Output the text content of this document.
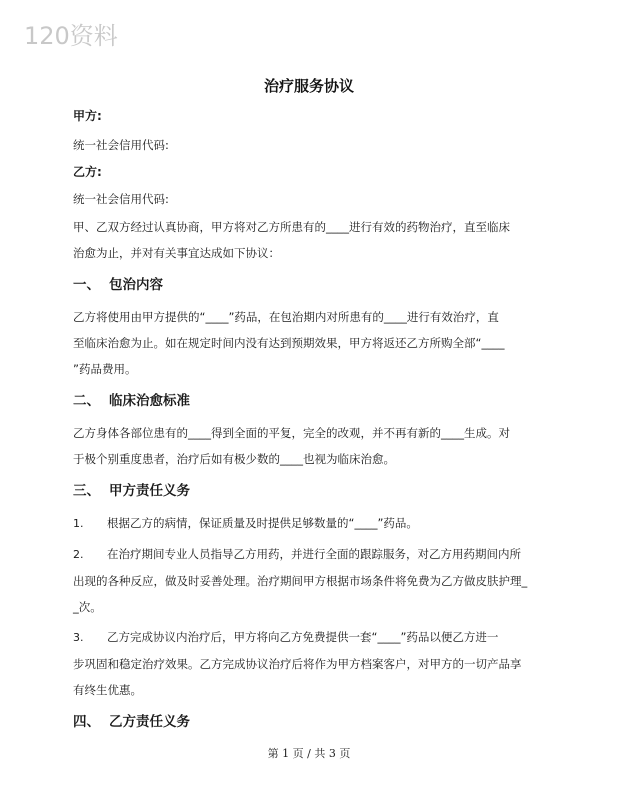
120资料
治疗服务协议
甲方:
统一社会信用代码:
乙方:
统一社会信用代码:
甲、乙双方经过认真协商，甲方将对乙方所患有的____进行有效的药物治疗，直至临床
治愈为止，并对有关事宜达成如下协议：
一、 包治内容
乙方将使用由甲方提供的“____”药品，在包治期内对所患有的____进行有效治疗，直
至临床治愈为止。如在规定时间内没有达到预期效果，甲方将返还乙方所购全部“____
”药品费用。
二、 临床治愈标准
乙方身体各部位患有的____得到全面的平复，完全的改观，并不再有新的____生成。对
于极个别重度患者，治疗后如有极少数的____也视为临床治愈。
三、 甲方责任义务
1. 根据乙方的病情，保证质量及时提供足够数量的“____”药品。
2. 在治疗期间专业人员指导乙方用药，并进行全面的跟踪服务，对乙方用药期间内所
出现的各种反应，做及时妥善处理。治疗期间甲方根据市场条件将免费为乙方做皮肤护理_
_次。
3. 乙方完成协议内治疗后，甲方将向乙方免费提供一套“____”药品以便乙方进一
步巩固和稳定治疗效果。乙方完成协议治疗后将作为甲方档案客户，对甲方的一切产品享
有终生优惠。
四、 乙方责任义务
第 1 页 / 共 3 页
